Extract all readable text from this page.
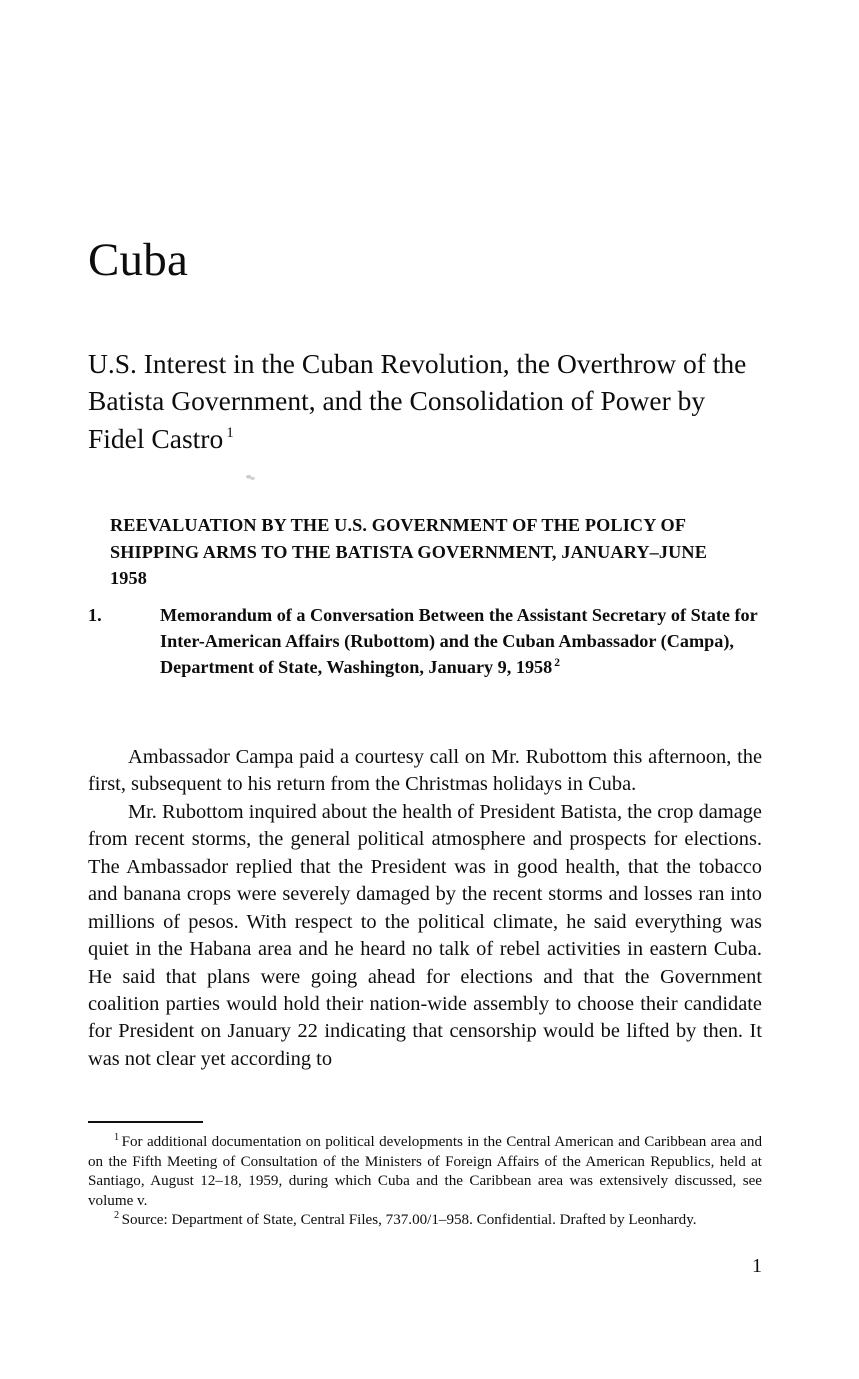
Cuba
U.S. Interest in the Cuban Revolution, the Overthrow of the Batista Government, and the Consolidation of Power by Fidel Castro $^1$
REEVALUATION BY THE U.S. GOVERNMENT OF THE POLICY OF SHIPPING ARMS TO THE BATISTA GOVERNMENT, JANUARY–JUNE 1958
1.	Memorandum of a Conversation Between the Assistant Secretary of State for Inter-American Affairs (Rubottom) and the Cuban Ambassador (Campa), Department of State, Washington, January 9, 1958 $^2$

Ambassador Campa paid a courtesy call on Mr. Rubottom this afternoon, the first, subsequent to his return from the Christmas holidays in Cuba.

Mr. Rubottom inquired about the health of President Batista, the crop damage from recent storms, the general political atmosphere and prospects for elections. The Ambassador replied that the President was in good health, that the tobacco and banana crops were severely damaged by the recent storms and losses ran into millions of pesos. With respect to the political climate, he said everything was quiet in the Habana area and he heard no talk of rebel activities in eastern Cuba. He said that plans were going ahead for elections and that the Government coalition parties would hold their nation-wide assembly to choose their candidate for President on January 22 indicating that censorship would be lifted by then. It was not clear yet according to

$^1$ For additional documentation on political developments in the Central American and Caribbean area and on the Fifth Meeting of Consultation of the Ministers of Foreign Affairs of the American Republics, held at Santiago, August 12–18, 1959, during which Cuba and the Caribbean area was extensively discussed, see volume v.

$^2$ Source: Department of State, Central Files, 737.00/1–958. Confidential. Drafted by Leonhardy.

1
